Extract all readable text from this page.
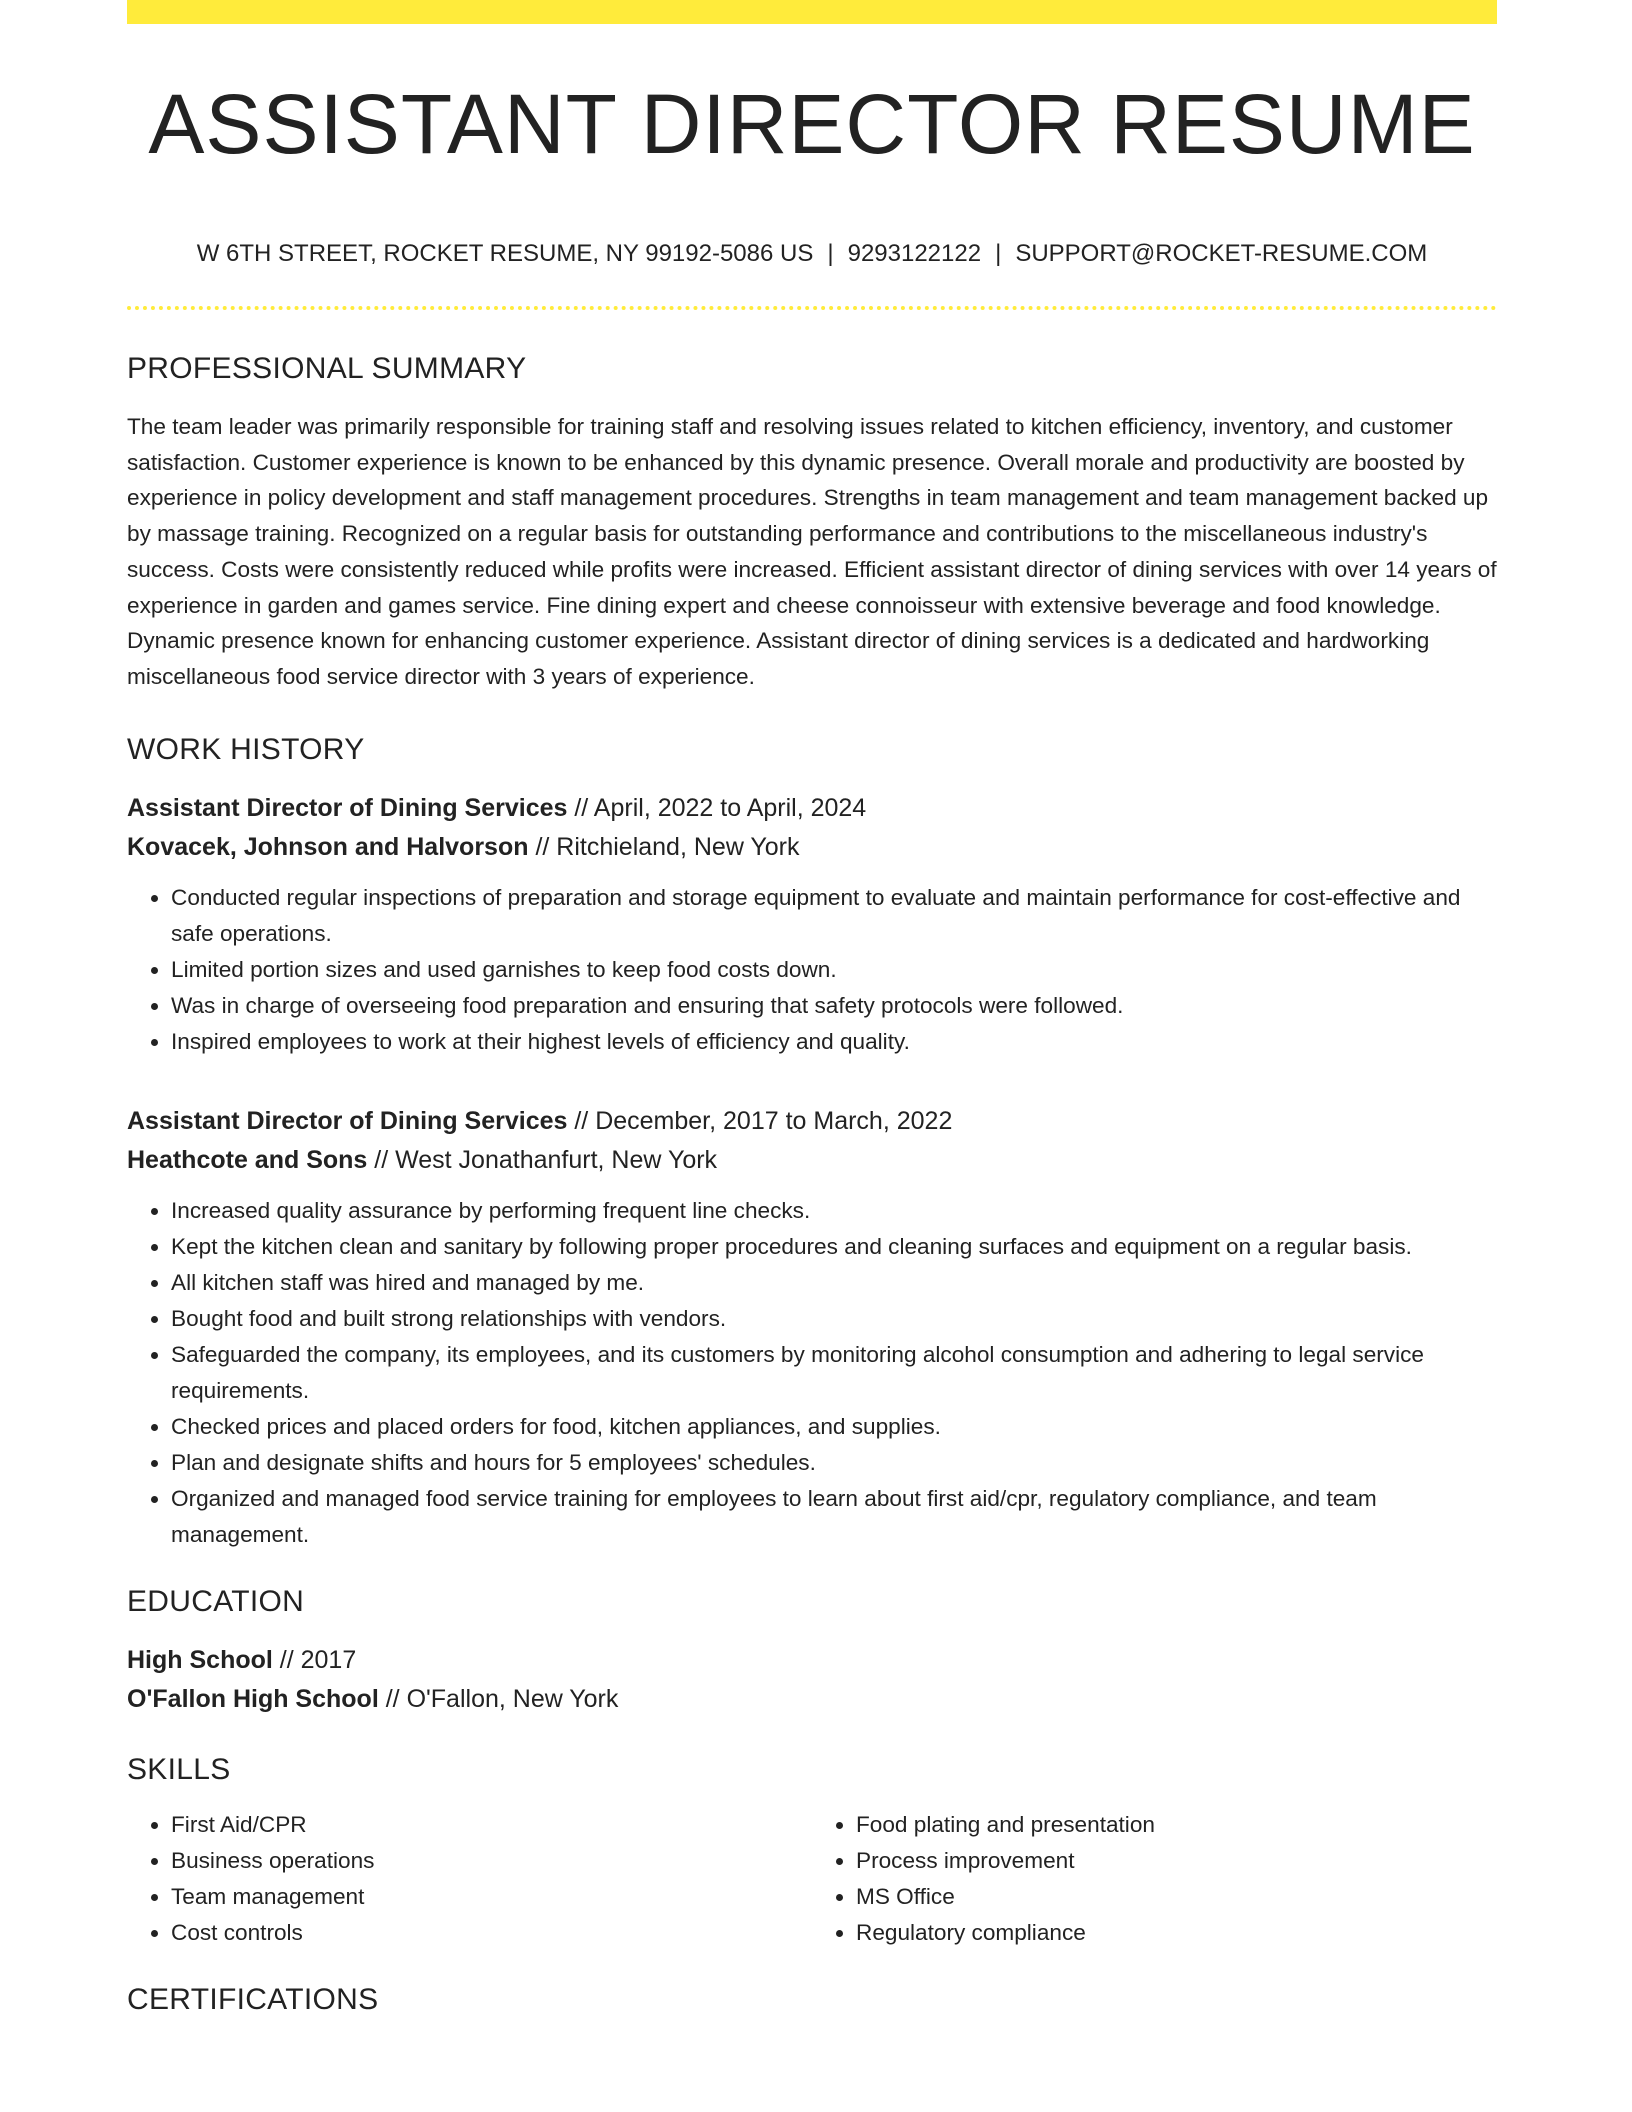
ASSISTANT DIRECTOR RESUME
W 6TH STREET, ROCKET RESUME, NY 99192-5086 US | 9293122122 | SUPPORT@ROCKET-RESUME.COM
PROFESSIONAL SUMMARY
The team leader was primarily responsible for training staff and resolving issues related to kitchen efficiency, inventory, and customer satisfaction. Customer experience is known to be enhanced by this dynamic presence. Overall morale and productivity are boosted by experience in policy development and staff management procedures. Strengths in team management and team management backed up by massage training. Recognized on a regular basis for outstanding performance and contributions to the miscellaneous industry's success. Costs were consistently reduced while profits were increased. Efficient assistant director of dining services with over 14 years of experience in garden and games service. Fine dining expert and cheese connoisseur with extensive beverage and food knowledge. Dynamic presence known for enhancing customer experience. Assistant director of dining services is a dedicated and hardworking miscellaneous food service director with 3 years of experience.
WORK HISTORY
Assistant Director of Dining Services // April, 2022 to April, 2024
Kovacek, Johnson and Halvorson // Ritchieland, New York
• Conducted regular inspections of preparation and storage equipment to evaluate and maintain performance for cost-effective and safe operations.
• Limited portion sizes and used garnishes to keep food costs down.
• Was in charge of overseeing food preparation and ensuring that safety protocols were followed.
• Inspired employees to work at their highest levels of efficiency and quality.
Assistant Director of Dining Services // December, 2017 to March, 2022
Heathcote and Sons // West Jonathanfurt, New York
• Increased quality assurance by performing frequent line checks.
• Kept the kitchen clean and sanitary by following proper procedures and cleaning surfaces and equipment on a regular basis.
• All kitchen staff was hired and managed by me.
• Bought food and built strong relationships with vendors.
• Safeguarded the company, its employees, and its customers by monitoring alcohol consumption and adhering to legal service requirements.
• Checked prices and placed orders for food, kitchen appliances, and supplies.
• Plan and designate shifts and hours for 5 employees' schedules.
• Organized and managed food service training for employees to learn about first aid/cpr, regulatory compliance, and team management.
EDUCATION
High School // 2017
O'Fallon High School // O'Fallon, New York
SKILLS
• First Aid/CPR
• Business operations
• Team management
• Cost controls
• Food plating and presentation
• Process improvement
• MS Office
• Regulatory compliance
CERTIFICATIONS
